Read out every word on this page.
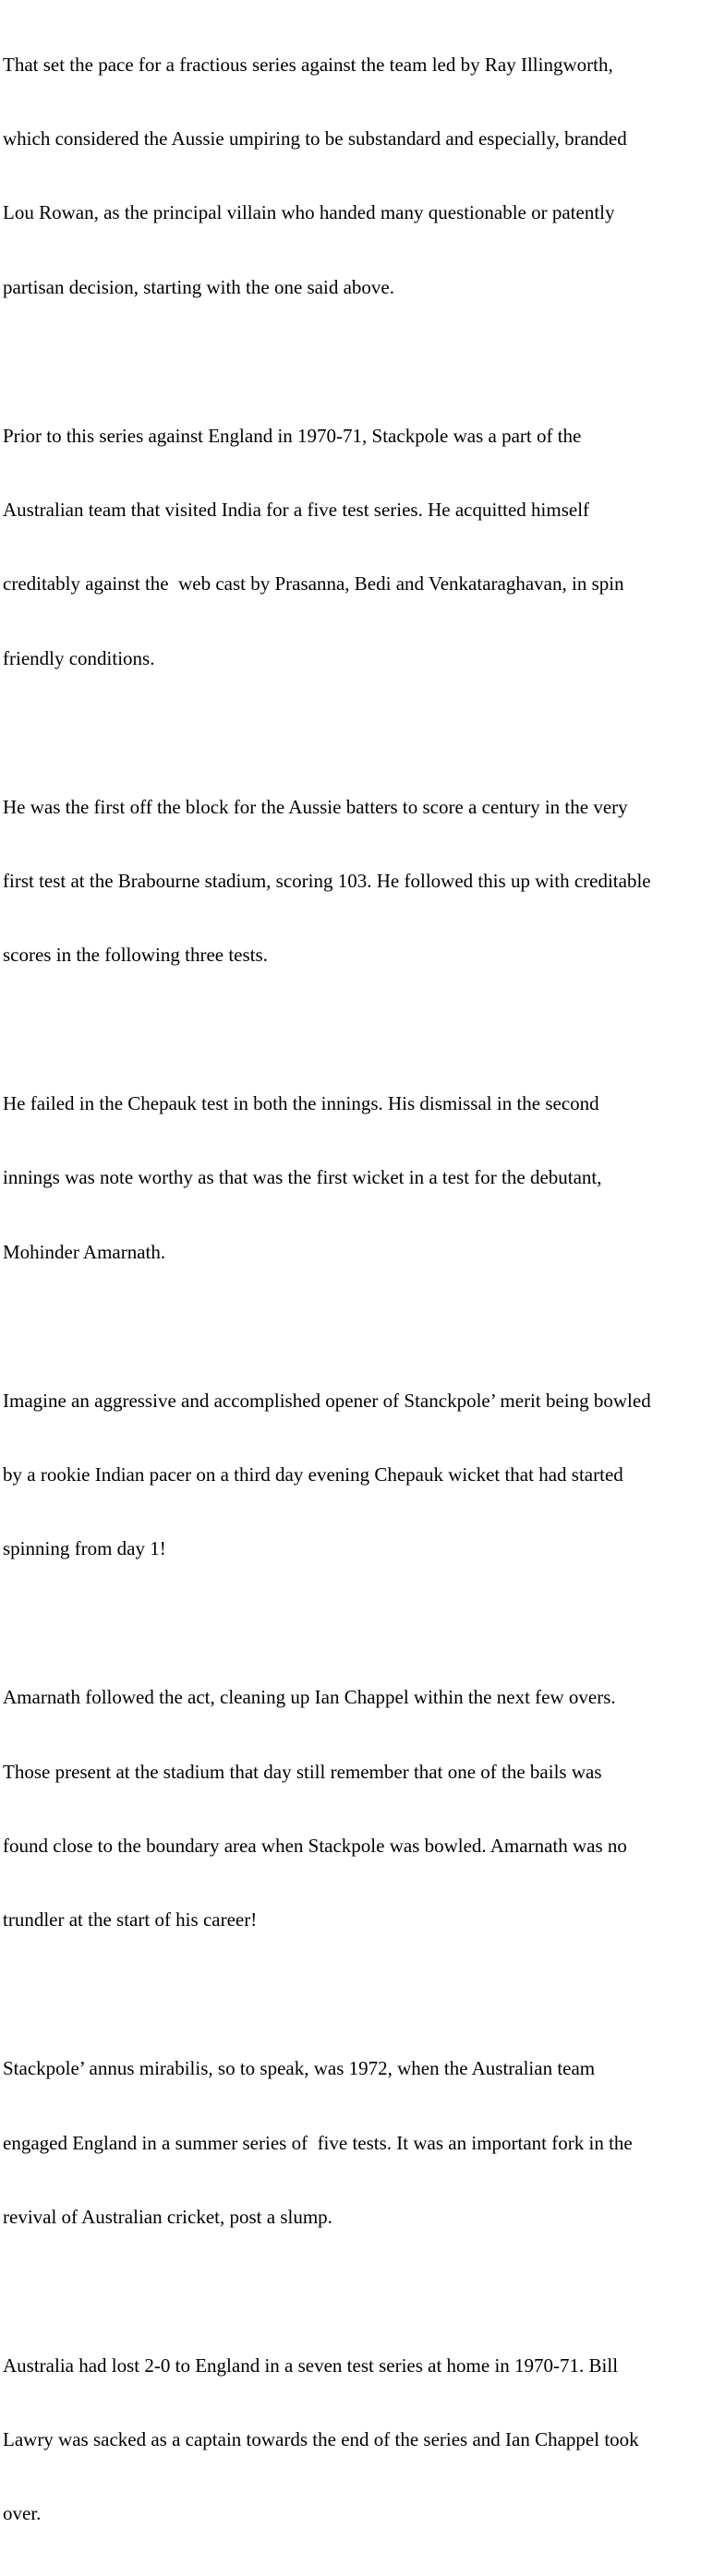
That set the pace for a fractious series against the team led by Ray Illingworth,

which considered the Aussie umpiring to be substandard and especially, branded

Lou Rowan, as the principal villain who handed many questionable or patently

partisan decision, starting with the one said above.

Prior to this series against England in 1970-71, Stackpole was a part of the

Australian team that visited India for a five test series. He acquitted himself

creditably against the  web cast by Prasanna, Bedi and Venkataraghavan, in spin

friendly conditions.

He was the first off the block for the Aussie batters to score a century in the very

first test at the Brabourne stadium, scoring 103. He followed this up with creditable

scores in the following three tests.

He failed in the Chepauk test in both the innings. His dismissal in the second

innings was note worthy as that was the first wicket in a test for the debutant,

Mohinder Amarnath.

Imagine an aggressive and accomplished opener of Stanckpole’ merit being bowled

by a rookie Indian pacer on a third day evening Chepauk wicket that had started

spinning from day 1!

Amarnath followed the act, cleaning up Ian Chappel within the next few overs.

Those present at the stadium that day still remember that one of the bails was

found close to the boundary area when Stackpole was bowled. Amarnath was no

trundler at the start of his career!

Stackpole’ annus mirabilis, so to speak, was 1972, when the Australian team

engaged England in a summer series of  five tests. It was an important fork in the

revival of Australian cricket, post a slump.

Australia had lost 2-0 to England in a seven test series at home in 1970-71. Bill

Lawry was sacked as a captain towards the end of the series and Ian Chappel took

over.
